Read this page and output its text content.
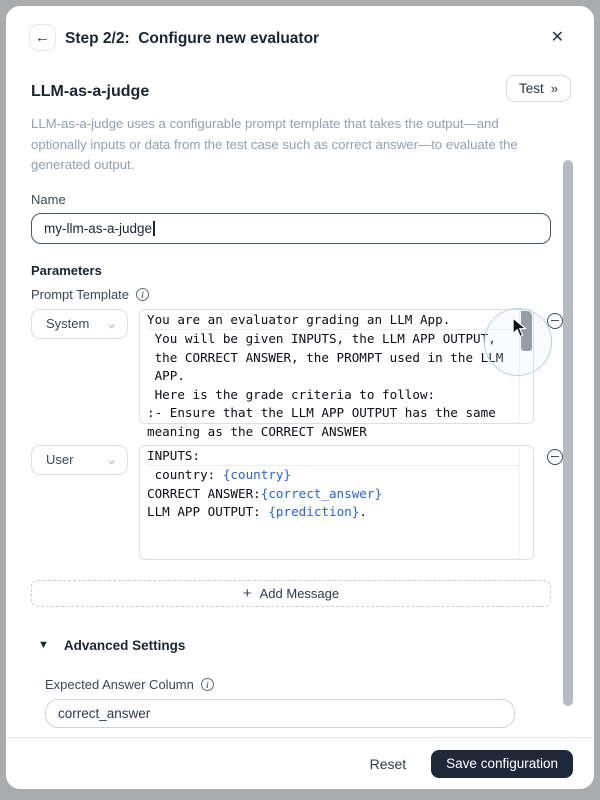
← Step 2/2:  Configure new evaluator	✕
LLM-as-a-judge	Test »
LLM-as-a-judge uses a configurable prompt template that takes the output—and optionally inputs or data from the test case such as correct answer—to evaluate the generated output.
Name
my-llm-as-a-judge
Parameters
Prompt Template	i
System	⌄ You are an evaluator grading an LLM App.
You will be given INPUTS, the LLM APP OUTPUT,
the CORRECT ANSWER, the PROMPT used in the LLM
APP.
Here is the grade criteria to follow:
:- Ensure that the LLM APP OUTPUT has the same
meaning as the CORRECT ANSWER
User	⌄ INPUTS:
country: {country}
CORRECT ANSWER:{correct_answer}
LLM APP OUTPUT: {prediction}.
+ Add Message
▼ Advanced Settings
Expected Answer Column	i
correct_answer
Reset	Save configuration
